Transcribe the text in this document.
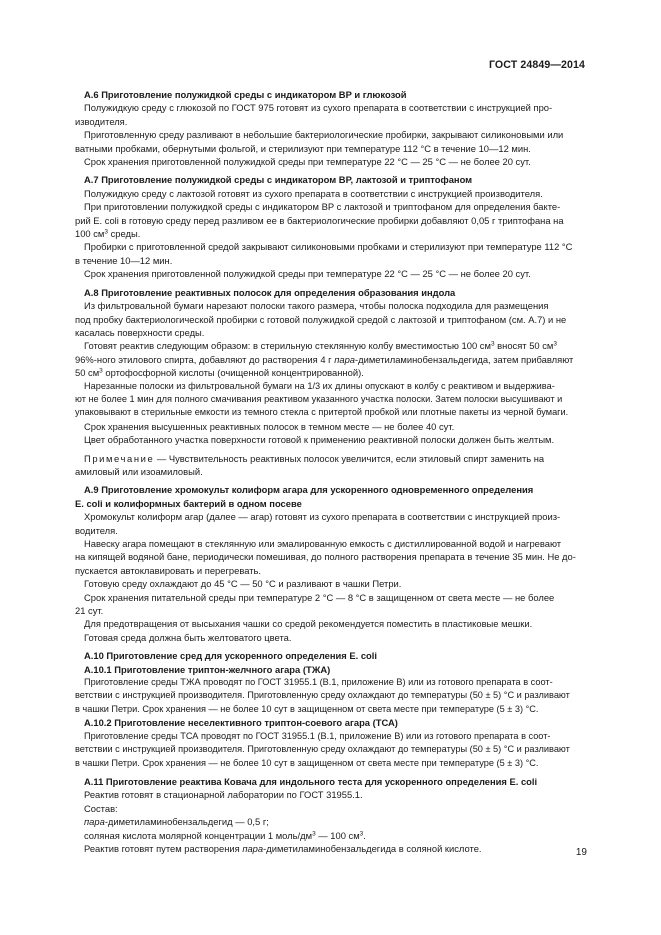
ГОСТ 24849—2014
А.6 Приготовление полужидкой среды с индикатором ВР и глюкозой
Полужидкую среду с глюкозой по ГОСТ 975 готовят из сухого препарата в соответствии с инструкцией про-
изводителя.
Приготовленную среду разливают в небольшие бактериологические пробирки, закрывают силиконовыми или
ватными пробками, обернутыми фольгой, и стерилизуют при температуре 112 °С в течение 10—12 мин.
Срок хранения приготовленной полужидкой среды при температуре 22 °С — 25 °С — не более 20 сут.
А.7 Приготовление полужидкой среды с индикатором ВР, лактозой и триптофаном
Полужидкую среду с лактозой готовят из сухого препарата в соответствии с инструкцией производителя.
При приготовлении полужидкой среды с индикатором ВР с лактозой и триптофаном для определения бакте-
рий E. coli в готовую среду перед разливом ее в бактериологические пробирки добавляют 0,05 г триптофана на
100 $см^3$ среды.
Пробирки с приготовленной средой закрывают силиконовыми пробками и стерилизуют при температуре 112 °С
в течение 10—12 мин.
Срок хранения приготовленной полужидкой среды при температуре 22 °С — 25 °С — не более 20 сут.
А.8 Приготовление реактивных полосок для определения образования индола
Из фильтровальной бумаги нарезают полоски такого размера, чтобы полоска подходила для размещения
под пробку бактериологической пробирки с готовой полужидкой средой с лактозой и триптофаном (см. А.7) и не
касалась поверхности среды.
Готовят реактив следующим образом: в стерильную стеклянную колбу вместимостью 100 $см^3$ вносят 50 $см^3$
96%-ного этилового спирта, добавляют до растворения 4 г пара-диметиламинобензальдегида, затем прибавляют
50 $см^3$ ортофосфорной кислоты (очищенной концентрированной).
Нарезанные полоски из фильтровальной бумаги на 1/3 их длины опускают в колбу с реактивом и выдерживa-
ют не более 1 мин для полного смачивания реактивом указанного участка полоски. Затем полоски высушивают и
упаковывают в стерильные емкости из темного стекла с притертой пробкой или плотные пакеты из черной бумаги.
Срок хранения высушенных реактивных полосок в темном месте — не более 40 сут.
Цвет обработанного участка поверхности готовой к применению реактивной полоски должен быть желтым.
Примечание — Чувствительность реактивных полосок увеличится, если этиловый спирт заменить на
амиловый или изоамиловый.
А.9 Приготовление хромокульт колиформ агара для ускоренного одновременного определения
E. coli и колиформных бактерий в одном посеве
Хромокульт колиформ агар (далее — агар) готовят из сухого препарата в соответствии с инструкцией произ-
водителя.
Навеску агара помещают в стеклянную или эмалированную емкость с дистиллированной водой и нагревают
на кипящей водяной бане, периодически помешивая, до полного растворения препарата в течение 35 мин. Не до-
пускается автоклавировать и перегревать.
Готовую среду охлаждают до 45 °С — 50 °С и разливают в чашки Петри.
Срок хранения питательной среды при температуре 2 °С — 8 °С в защищенном от света месте — не более
21 сут.
Для предотвращения от высыхания чашки со средой рекомендуется поместить в пластиковые мешки.
Готовая среда должна быть желтоватого цвета.
А.10 Приготовление сред для ускоренного определения E. coli
А.10.1 Приготовление триптон-желчного агара (ТЖА)
Приготовление среды ТЖА проводят по ГОСТ 31955.1 (В.1, приложение В) или из готового препарата в соот-
ветствии с инструкцией производителя. Приготовленную среду охлаждают до температуры (50 ± 5) °С и разливают
в чашки Петри. Срок хранения — не более 10 сут в защищенном от света месте при температуре (5 ± 3) °С.
А.10.2 Приготовление неселективного триптон-соевого агара (ТСА)
Приготовление среды ТСА проводят по ГОСТ 31955.1 (В.1, приложение В) или из готового препарата в соот-
ветствии с инструкцией производителя. Приготовленную среду охлаждают до температуры (50 ± 5) °С и разливают
в чашки Петри. Срок хранения — не более 10 сут в защищенном от света месте при температуре (5 ± 3) °С.
А.11 Приготовление реактива Ковача для индольного теста для ускоренного определения E. coli
Реактив готовят в стационарной лаборатории по ГОСТ 31955.1.
Состав:
пара-диметиламинобензальдегид — 0,5 г;
соляная кислота молярной концентрации 1 моль/$дм^3$ — 100 $см^3$.
Реактив готовят путем растворения пара-диметиламинобензальдегида в соляной кислоте.	19
